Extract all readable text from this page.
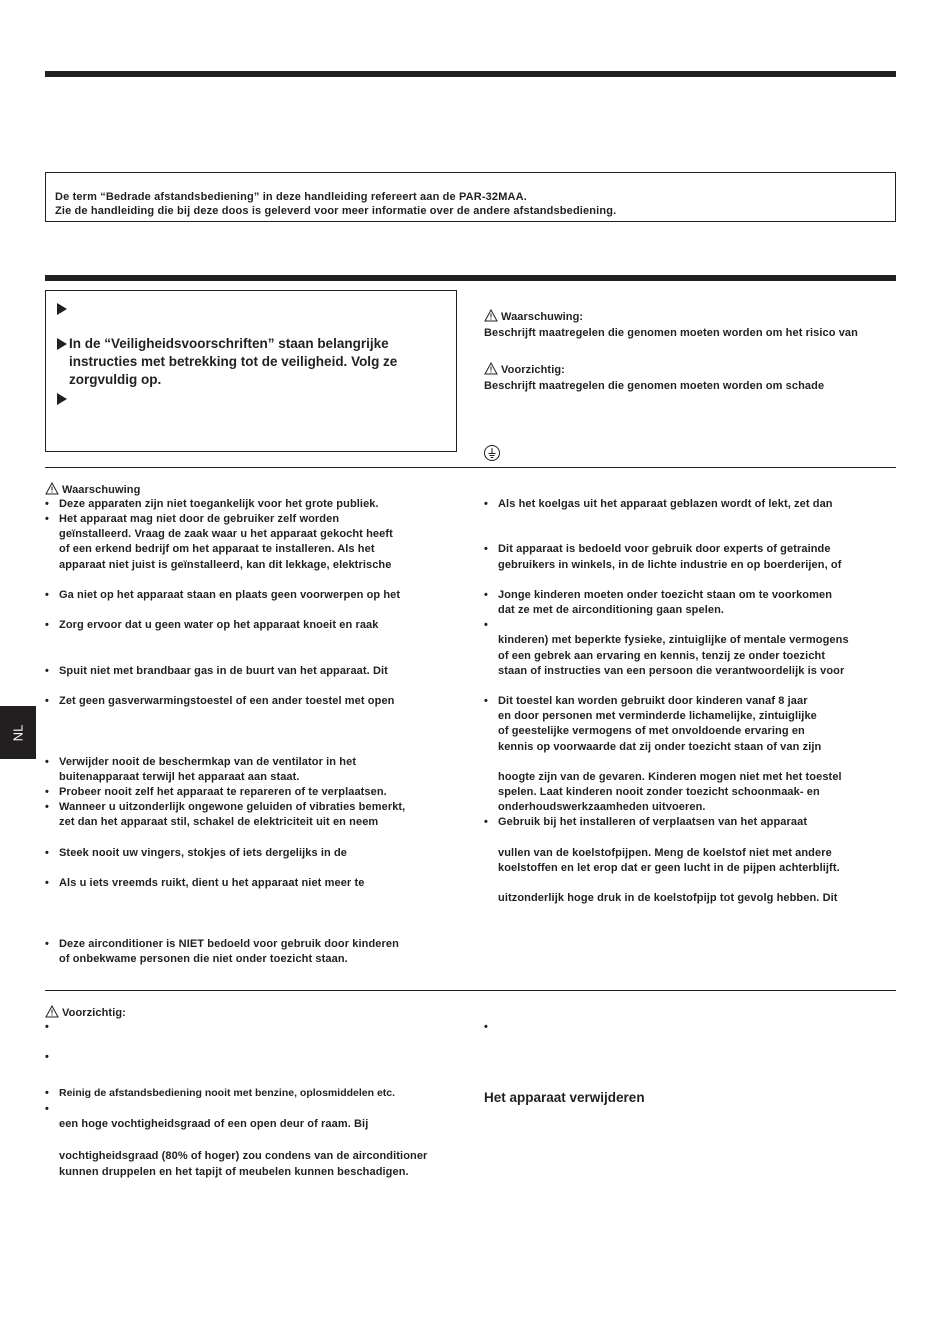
De term “Bedrade afstandsbediening” in deze handleiding refereert aan de PAR-32MAA.
Zie de handleiding die bij deze doos is geleverd voor meer informatie over de andere afstandsbediening.
In de “Veiligheidsvoorschriften” staan belangrijke instructies met betrekking tot de veiligheid. Volg ze zorgvuldig op.
Waarschuwing:
Beschrijft maatregelen die genomen moeten worden om het risico van
Voorzichtig:
Beschrijft maatregelen die genomen moeten worden om schade
Waarschuwing
• Deze apparaten zijn niet toegankelijk voor het grote publiek.
• Het apparaat mag niet door de gebruiker zelf worden
geïnstalleerd. Vraag de zaak waar u het apparaat gekocht heeft
of een erkend bedrijf om het apparaat te installeren. Als het
apparaat niet juist is geïnstalleerd, kan dit lekkage, elektrische
• Ga niet op het apparaat staan en plaats geen voorwerpen op het
• Zorg ervoor dat u geen water op het apparaat knoeit en raak
• Spuit niet met brandbaar gas in de buurt van het apparaat. Dit
• Zet geen gasverwarmingstoestel of een ander toestel met open
• Verwijder nooit de beschermkap van de ventilator in het
buitenapparaat terwijl het apparaat aan staat.
• Probeer nooit zelf het apparaat te repareren of te verplaatsen.
• Wanneer u uitzonderlijk ongewone geluiden of vibraties bemerkt,
zet dan het apparaat stil, schakel de elektriciteit uit en neem
• Steek nooit uw vingers, stokjes of iets dergelijks in de
• Als u iets vreemds ruikt, dient u het apparaat niet meer te
• Deze airconditioner is NIET bedoeld voor gebruik door kinderen
of onbekwame personen die niet onder toezicht staan.
• Als het koelgas uit het apparaat geblazen wordt of lekt, zet dan
• Dit apparaat is bedoeld voor gebruik door experts of getrainde
gebruikers in winkels, in de lichte industrie en op boerderijen, of
• Jonge kinderen moeten onder toezicht staan om te voorkomen
dat ze met de airconditioning gaan spelen.
•
kinderen) met beperkte fysieke, zintuiglijke of mentale vermogens
of een gebrek aan ervaring en kennis, tenzij ze onder toezicht
staan of instructies van een persoon die verantwoordelijk is voor
• Dit toestel kan worden gebruikt door kinderen vanaf 8 jaar
en door personen met verminderde lichamelijke, zintuiglijke
of geestelijke vermogens of met onvoldoende ervaring en
kennis op voorwaarde dat zij onder toezicht staan of van zijn
hoogte zijn van de gevaren. Kinderen mogen niet met het toestel
spelen. Laat kinderen nooit zonder toezicht schoonmaak- en
onderhoudswerkzaamheden uitvoeren.
• Gebruik bij het installeren of verplaatsen van het apparaat
vullen van de koelstofpijpen. Meng de koelstof niet met andere
koelstoffen en let erop dat er geen lucht in de pijpen achterblijft.
uitzonderlijk hoge druk in de koelstofpijp tot gevolg hebben. Dit
Voorzichtig:
•
•
• Reinig de afstandsbediening nooit met benzine, oplosmiddelen etc.
•
een hoge vochtigheidsgraad of een open deur of raam. Bij
vochtigheidsgraad (80% of hoger) zou condens van de airconditioner
kunnen druppelen en het tapijt of meubelen kunnen beschadigen.
•
Het apparaat verwijderen
NL
